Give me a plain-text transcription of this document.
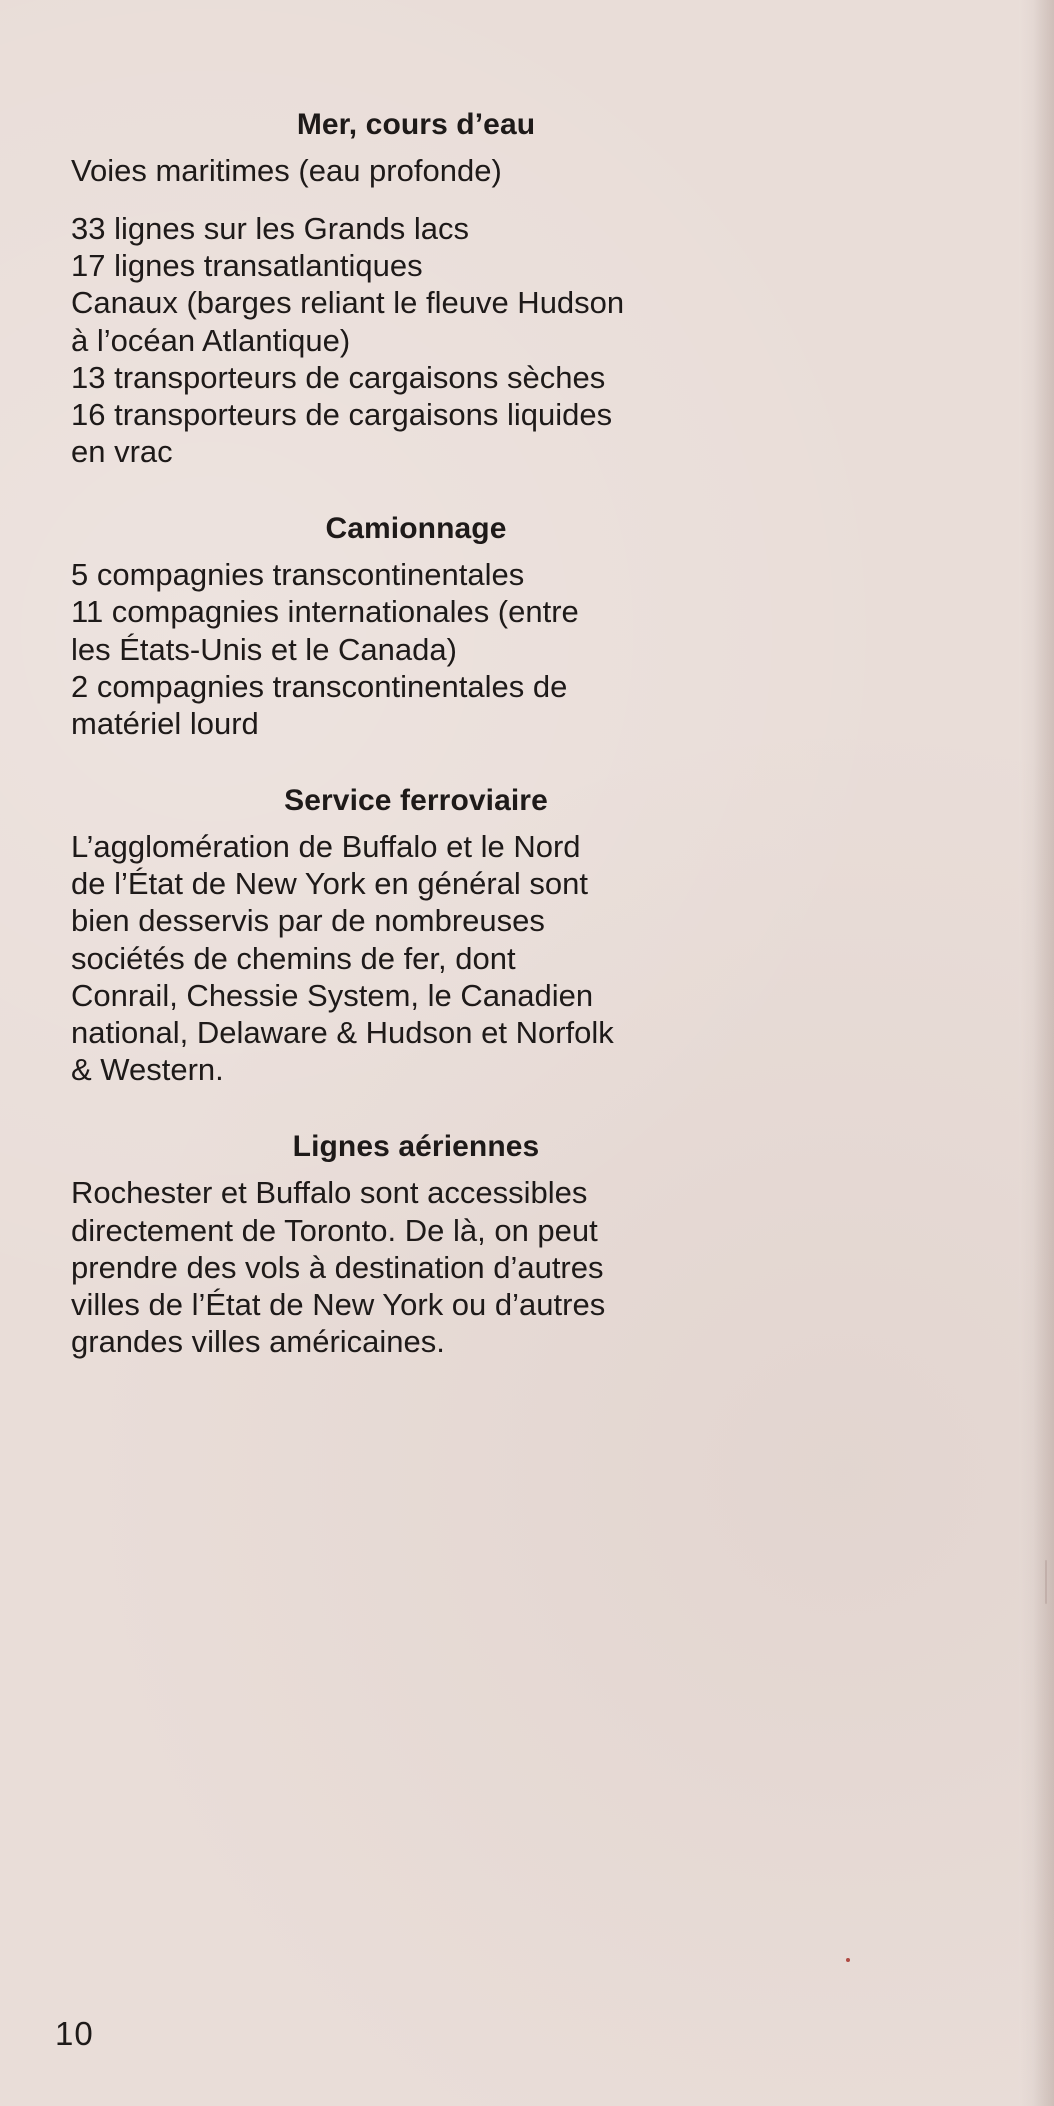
Mer, cours d’eau

Voies maritimes (eau profonde)

33 lignes sur les Grands lacs
17 lignes transatlantiques
Canaux (barges reliant le fleuve Hudson
à l’océan Atlantique)
13 transporteurs de cargaisons sèches
16 transporteurs de cargaisons liquides
en vrac
Camionnage
5 compagnies transcontinentales
11 compagnies internationales (entre
les États-Unis et le Canada)
2 compagnies transcontinentales de
matériel lourd
Service ferroviaire
L’agglomération de Buffalo et le Nord
de l’État de New York en général sont
bien desservis par de nombreuses
sociétés de chemins de fer, dont
Conrail, Chessie System, le Canadien
national, Delaware & Hudson et Norfolk
& Western.
Lignes aériennes
Rochester et Buffalo sont accessibles
directement de Toronto. De là, on peut
prendre des vols à destination d’autres
villes de l’État de New York ou d’autres
grandes villes américaines.
10
